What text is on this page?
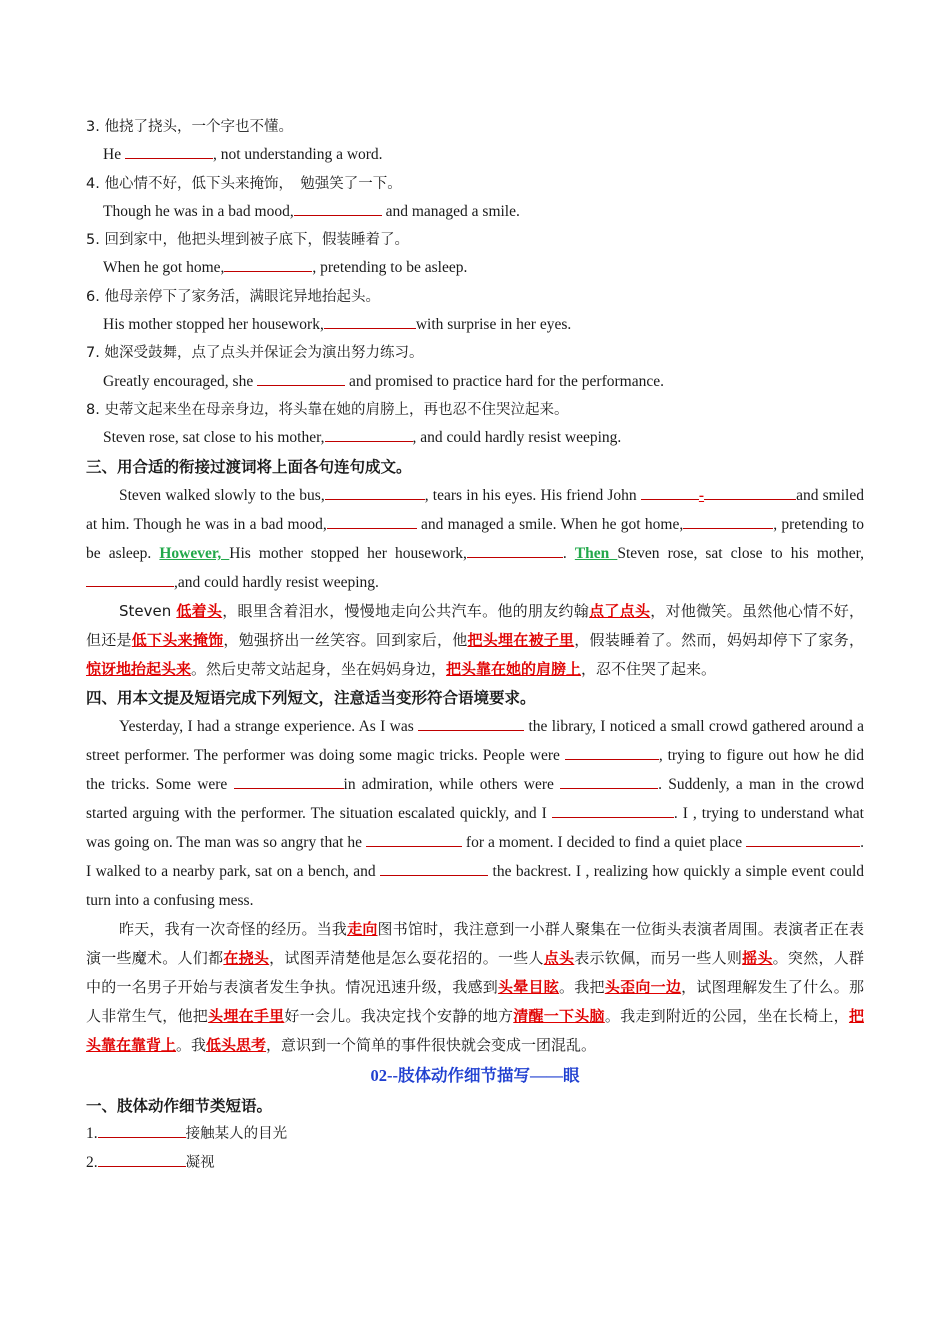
3. 他挠了挠头，一个字也不懂。
He	, not understanding a word.
4. 他心情不好，低下头来掩饰，　勉强笑了一下。
Though he was in a bad mood,	and managed a smile.
5. 回到家中，他把头埋到被子底下，假装睡着了。
When he got home,	, pretending to be asleep.
6. 他母亲停下了家务活，满眼诧异地抬起头。
His mother stopped her housework,	with surprise in her eyes.
7. 她深受鼓舞，点了点头并保证会为演出努力练习。
Greatly encouraged, she	and promised to practice hard for the performance.
8. 史蒂文起来坐在母亲身边，将头靠在她的肩膀上，再也忍不住哭泣起来。
Steven rose, sat close to his mother,	, and could hardly resist weeping.
三、用合适的衔接过渡词将上面各句连句成文。

Steven walked slowly to the bus,	, tears in his eyes. His friend John	-	and smiled at him. Though he was in a bad mood,	and managed a smile. When he got home,	, pretending to be asleep. However, His mother stopped her housework,	. Then Steven rose, sat close to his mother,,and could hardly resist weeping.

Steven 低着头，眼里含着泪水，慢慢地走向公共汽车。他的朋友约翰点了点头，对他微笑。虽然他心情不好，但还是低下头来掩饰，勉强挤出一丝笑容。回到家后，他把头埋在被子里，假装睡着了。然而，妈妈却停下了家务，惊讶地抬起头来。然后史蒂文站起身，坐在妈妈身边，把头靠在她的肩膀上，忍不住哭了起来。

四、用本文提及短语完成下列短文，注意适当变形符合语境要求。

Yesterday, I had a strange experience. As I was	the library, I noticed a small crowd gathered around a street performer. The performer was doing some magic tricks. People were	, trying to figure out how he did the tricks. Some were	in admiration, while others were	. Suddenly, a man in the crowd started arguing with the performer. The situation escalated quickly, and I	. I , trying to understand what was going on. The man was so angry that he	for a moment. I decided to find a quiet place	. I walked to a nearby park, sat on a bench, and	the backrest. I , realizing how quickly a simple event could turn into a confusing mess.

昨天，我有一次奇怪的经历。当我走向图书馆时，我注意到一小群人聚集在一位街头表演者周围。表演者正在表演一些魔术。人们都在挠头，试图弄清楚他是怎么耍花招的。一些人点头表示钦佩，而另一些人则摇头。突然，人群中的一名男子开始与表演者发生争执。情况迅速升级，我感到头晕目眩。我把头歪向一边，试图理解发生了什么。那人非常生气，他把头埋在手里好一会儿。我决定找个安静的地方清醒一下头脑。我走到附近的公园，坐在长椅上，把头靠在靠背上。我低头思考，意识到一个简单的事件很快就会变成一团混乱。

02--肢体动作细节描写——眼
一、肢体动作细节类短语。
1.	接触某人的目光
2.	凝视
